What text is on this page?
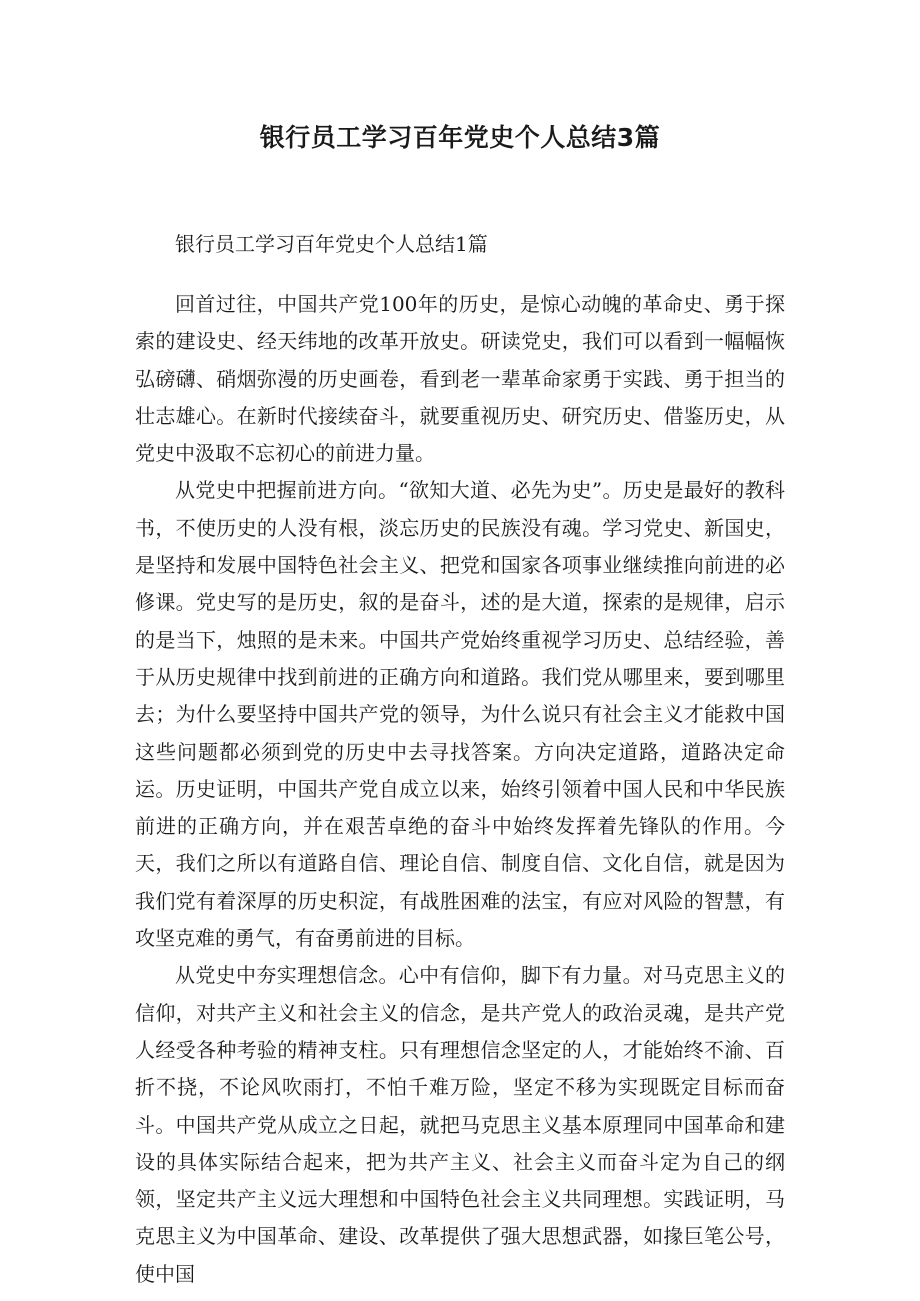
银行员工学习百年党史个人总结3篇

银行员工学习百年党史个人总结1篇

回首过往，中国共产党100年的历史，是惊心动魄的革命史、勇于探索的建设史、经天纬地的改革开放史。研读党史，我们可以看到一幅幅恢弘磅礴、硝烟弥漫的历史画卷，看到老一辈革命家勇于实践、勇于担当的壮志雄心。在新时代接续奋斗，就要重视历史、研究历史、借鉴历史，从党史中汲取不忘初心的前进力量。

从党史中把握前进方向。“欲知大道、必先为史”。历史是最好的教科书，不使历史的人没有根，淡忘历史的民族没有魂。学习党史、新国史，是坚持和发展中国特色社会主义、把党和国家各项事业继续推向前进的必修课。党史写的是历史，叙的是奋斗，述的是大道，探索的是规律，启示的是当下，烛照的是未来。中国共产党始终重视学习历史、总结经验，善于从历史规律中找到前进的正确方向和道路。我们党从哪里来，要到哪里去；为什么要坚持中国共产党的领导，为什么说只有社会主义才能救中国这些问题都必须到党的历史中去寻找答案。方向决定道路，道路决定命运。历史证明，中国共产党自成立以来，始终引领着中国人民和中华民族前进的正确方向，并在艰苦卓绝的奋斗中始终发挥着先锋队的作用。今天，我们之所以有道路自信、理论自信、制度自信、文化自信，就是因为我们党有着深厚的历史积淀，有战胜困难的法宝，有应对风险的智慧，有攻坚克难的勇气，有奋勇前进的目标。

从党史中夯实理想信念。心中有信仰，脚下有力量。对马克思主义的信仰，对共产主义和社会主义的信念，是共产党人的政治灵魂，是共产党人经受各种考验的精神支柱。只有理想信念坚定的人，才能始终不渝、百折不挠，不论风吹雨打，不怕千难万险，坚定不移为实现既定目标而奋斗。中国共产党从成立之日起，就把马克思主义基本原理同中国革命和建设的具体实际结合起来，把为共产主义、社会主义而奋斗定为自己的纲领，坚定共产主义远大理想和中国特色社会主义共同理想。实践证明，马克思主义为中国革命、建设、改革提供了强大思想武器，如掾巨笔公号，使中国
